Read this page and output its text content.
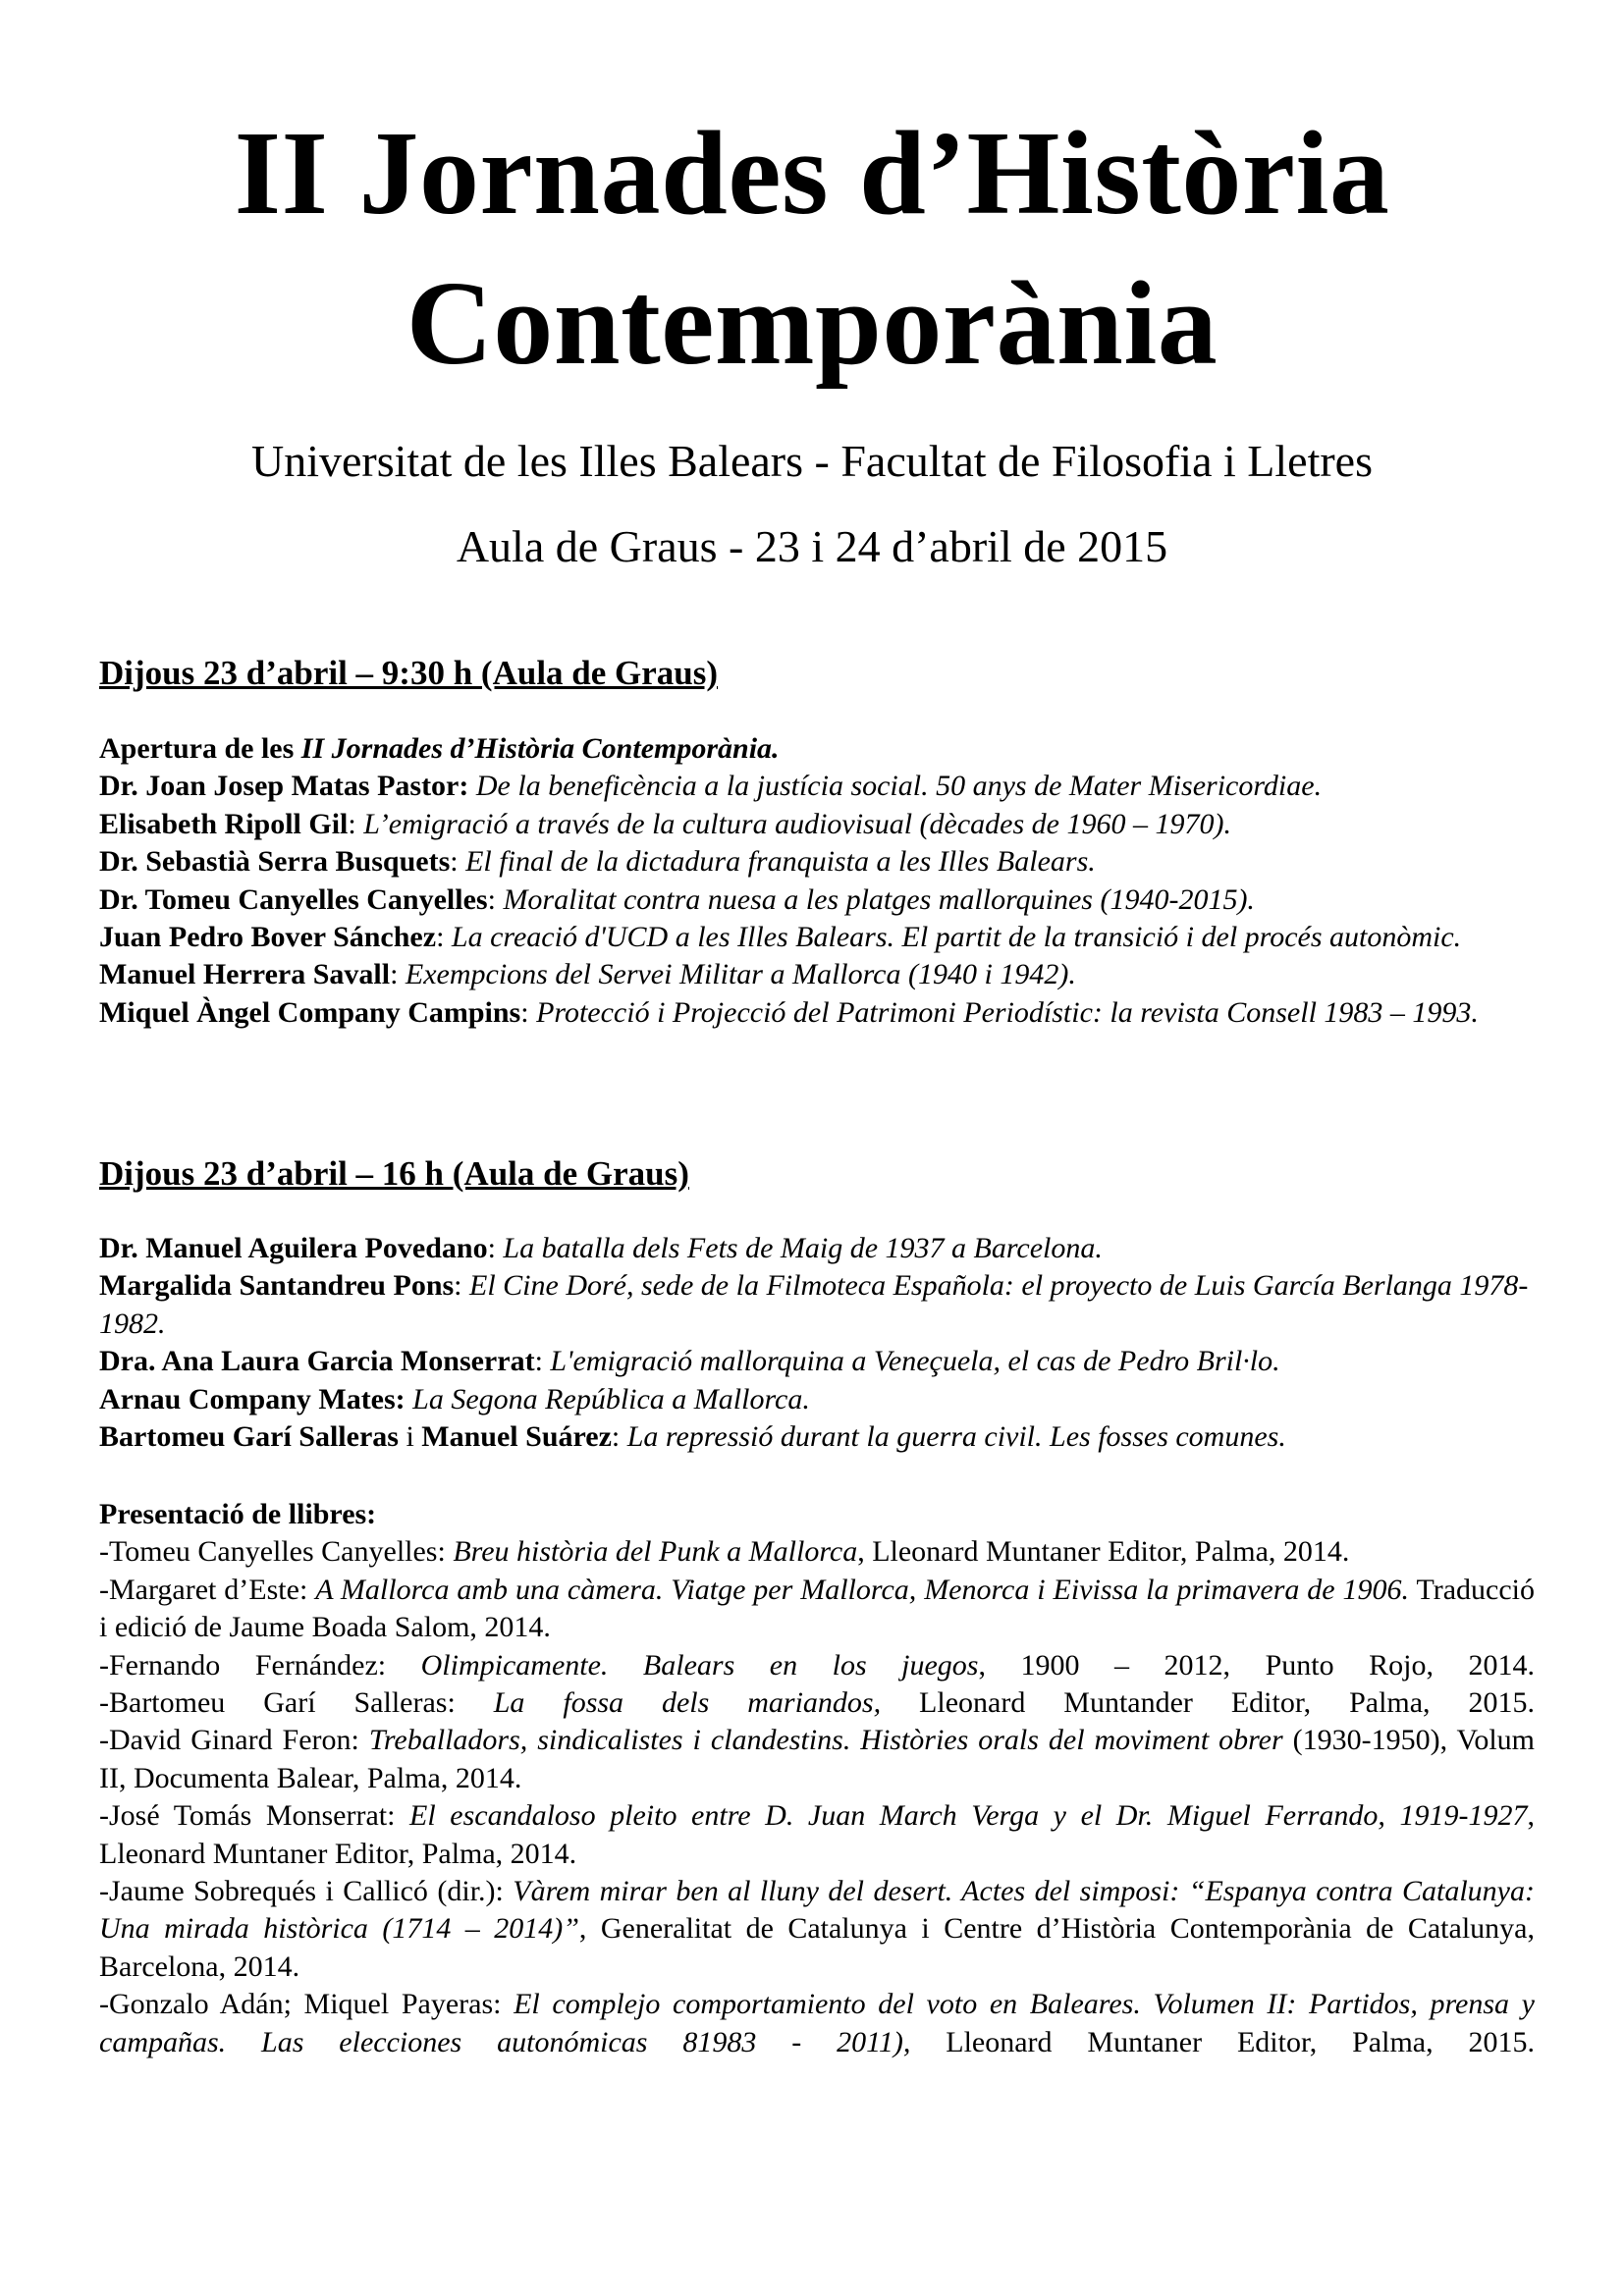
II Jornades d’Història
Contemporània
Universitat de les Illes Balears - Facultat de Filosofia i Lletres
Aula de Graus - 23 i 24 d’abril de 2015
Dijous 23 d’abril – 9:30 h (Aula de Graus)

Apertura de les II Jornades d’Història Contemporània.

Dr. Joan Josep Matas Pastor: De la beneficència a la justícia social. 50 anys de Mater Misericordiae.

Elisabeth Ripoll Gil: L’emigració a través de la cultura audiovisual (dècades de 1960 – 1970).

Dr. Sebastià Serra Busquets: El final de la dictadura franquista a les Illes Balears.

Dr. Tomeu Canyelles Canyelles: Moralitat contra nuesa a les platges mallorquines (1940-2015).

Juan Pedro Bover Sánchez: La creació d'UCD a les Illes Balears. El partit de la transició i del procés autonòmic.

Manuel Herrera Savall: Exempcions del Servei Militar a Mallorca (1940 i 1942).

Miquel Àngel Company Campins: Protecció i Projecció del Patrimoni Periodístic: la revista Consell 1983 – 1993.

Dijous 23 d’abril – 16 h (Aula de Graus)

Dr. Manuel Aguilera Povedano: La batalla dels Fets de Maig de 1937 a Barcelona.

Margalida Santandreu Pons: El Cine Doré, sede de la Filmoteca Española: el proyecto de Luis García Berlanga 1978-1982.

Dra. Ana Laura Garcia Monserrat: L'emigració mallorquina a Veneçuela, el cas de Pedro Bril·lo.

Arnau Company Mates: La Segona República a Mallorca.

Bartomeu Garí Salleras i Manuel Suárez: La repressió durant la guerra civil. Les fosses comunes.

Presentació de llibres:

-Tomeu Canyelles Canyelles: Breu història del Punk a Mallorca, Lleonard Muntaner Editor, Palma, 2014.

-Margaret d’Este: A Mallorca amb una càmera. Viatge per Mallorca, Menorca i Eivissa la primavera de 1906. Traducció i edició de Jaume Boada Salom, 2014.

-Fernando Fernández: Olimpicamente. Balears en los juegos, 1900 – 2012, Punto Rojo, 2014.

-Bartomeu Garí Salleras: La fossa dels mariandos, Lleonard Muntander Editor, Palma, 2015.

-David Ginard Feron: Treballadors, sindicalistes i clandestins. Històries orals del moviment obrer (1930-1950), Volum II, Documenta Balear, Palma, 2014.

-José Tomás Monserrat: El escandaloso pleito entre D. Juan March Verga y el Dr. Miguel Ferrando, 1919-1927, Lleonard Muntaner Editor, Palma, 2014.

-Jaume Sobrequés i Callicó (dir.): Vàrem mirar ben al lluny del desert. Actes del simposi: “Espanya contra Catalunya: Una mirada històrica (1714 – 2014)”, Generalitat de Catalunya i Centre d’Història Contemporània de Catalunya, Barcelona, 2014.

-Gonzalo Adán; Miquel Payeras: El complejo comportamiento del voto en Baleares. Volumen II: Partidos, prensa y campañas. Las elecciones autonómicas 81983 - 2011), Lleonard Muntaner Editor, Palma, 2015.
